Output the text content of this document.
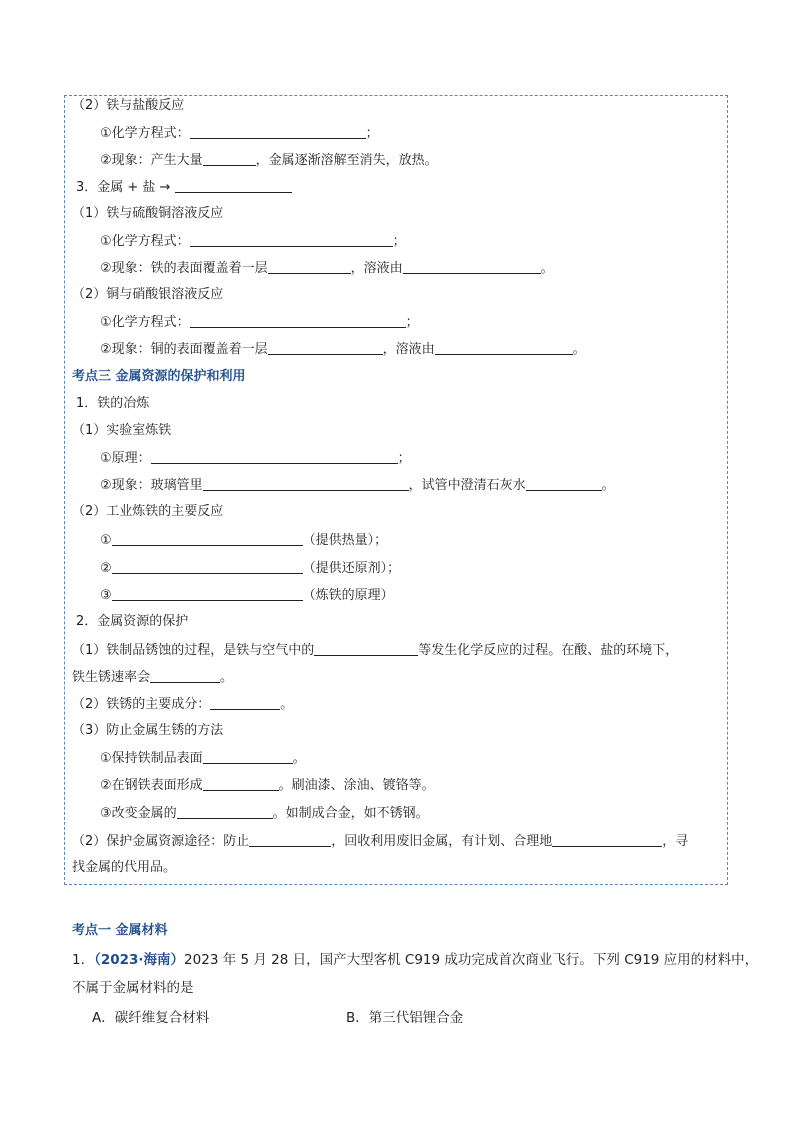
（2）铁与盐酸反应
①化学方程式：	；
②现象：产生大量	，金属逐渐溶解至消失，放热。
3．金属 + 盐 →
（1）铁与硫酸铜溶液反应
①化学方程式：	；
②现象：铁的表面覆盖着一层	，溶液由	。
（2）铜与硝酸银溶液反应
①化学方程式：	；
②现象：铜的表面覆盖着一层	，溶液由	。
考点三 金属资源的保护和利用
1．铁的冶炼
（1）实验室炼铁
①原理：	；
②现象：玻璃管里	，试管中澄清石灰水	。
（2）工业炼铁的主要反应
①	（提供热量）；
②	（提供还原剂）；
③	（炼铁的原理）
2．金属资源的保护
（1）铁制品锈蚀的过程，是铁与空气中的	等发生化学反应的过程。在酸、盐的环境下，
铁生锈速率会	。
（2）铁锈的主要成分：	。
（3）防止金属生锈的方法
①保持铁制品表面	。
②在钢铁表面形成	。刷油漆、涂油、镀铬等。
③改变金属的	。如制成合金，如不锈钢。
（2）保护金属资源途径：防止	，回收利用废旧金属，有计划、合理地	，寻
找金属的代用品。
考点一 金属材料
1．（2023·海南）2023 年 5 月 28 日，国产大型客机 C919 成功完成首次商业飞行。下列 C919 应用的材料中，
不属于金属材料的是
A．碳纤维复合材料	B．第三代铝锂合金
